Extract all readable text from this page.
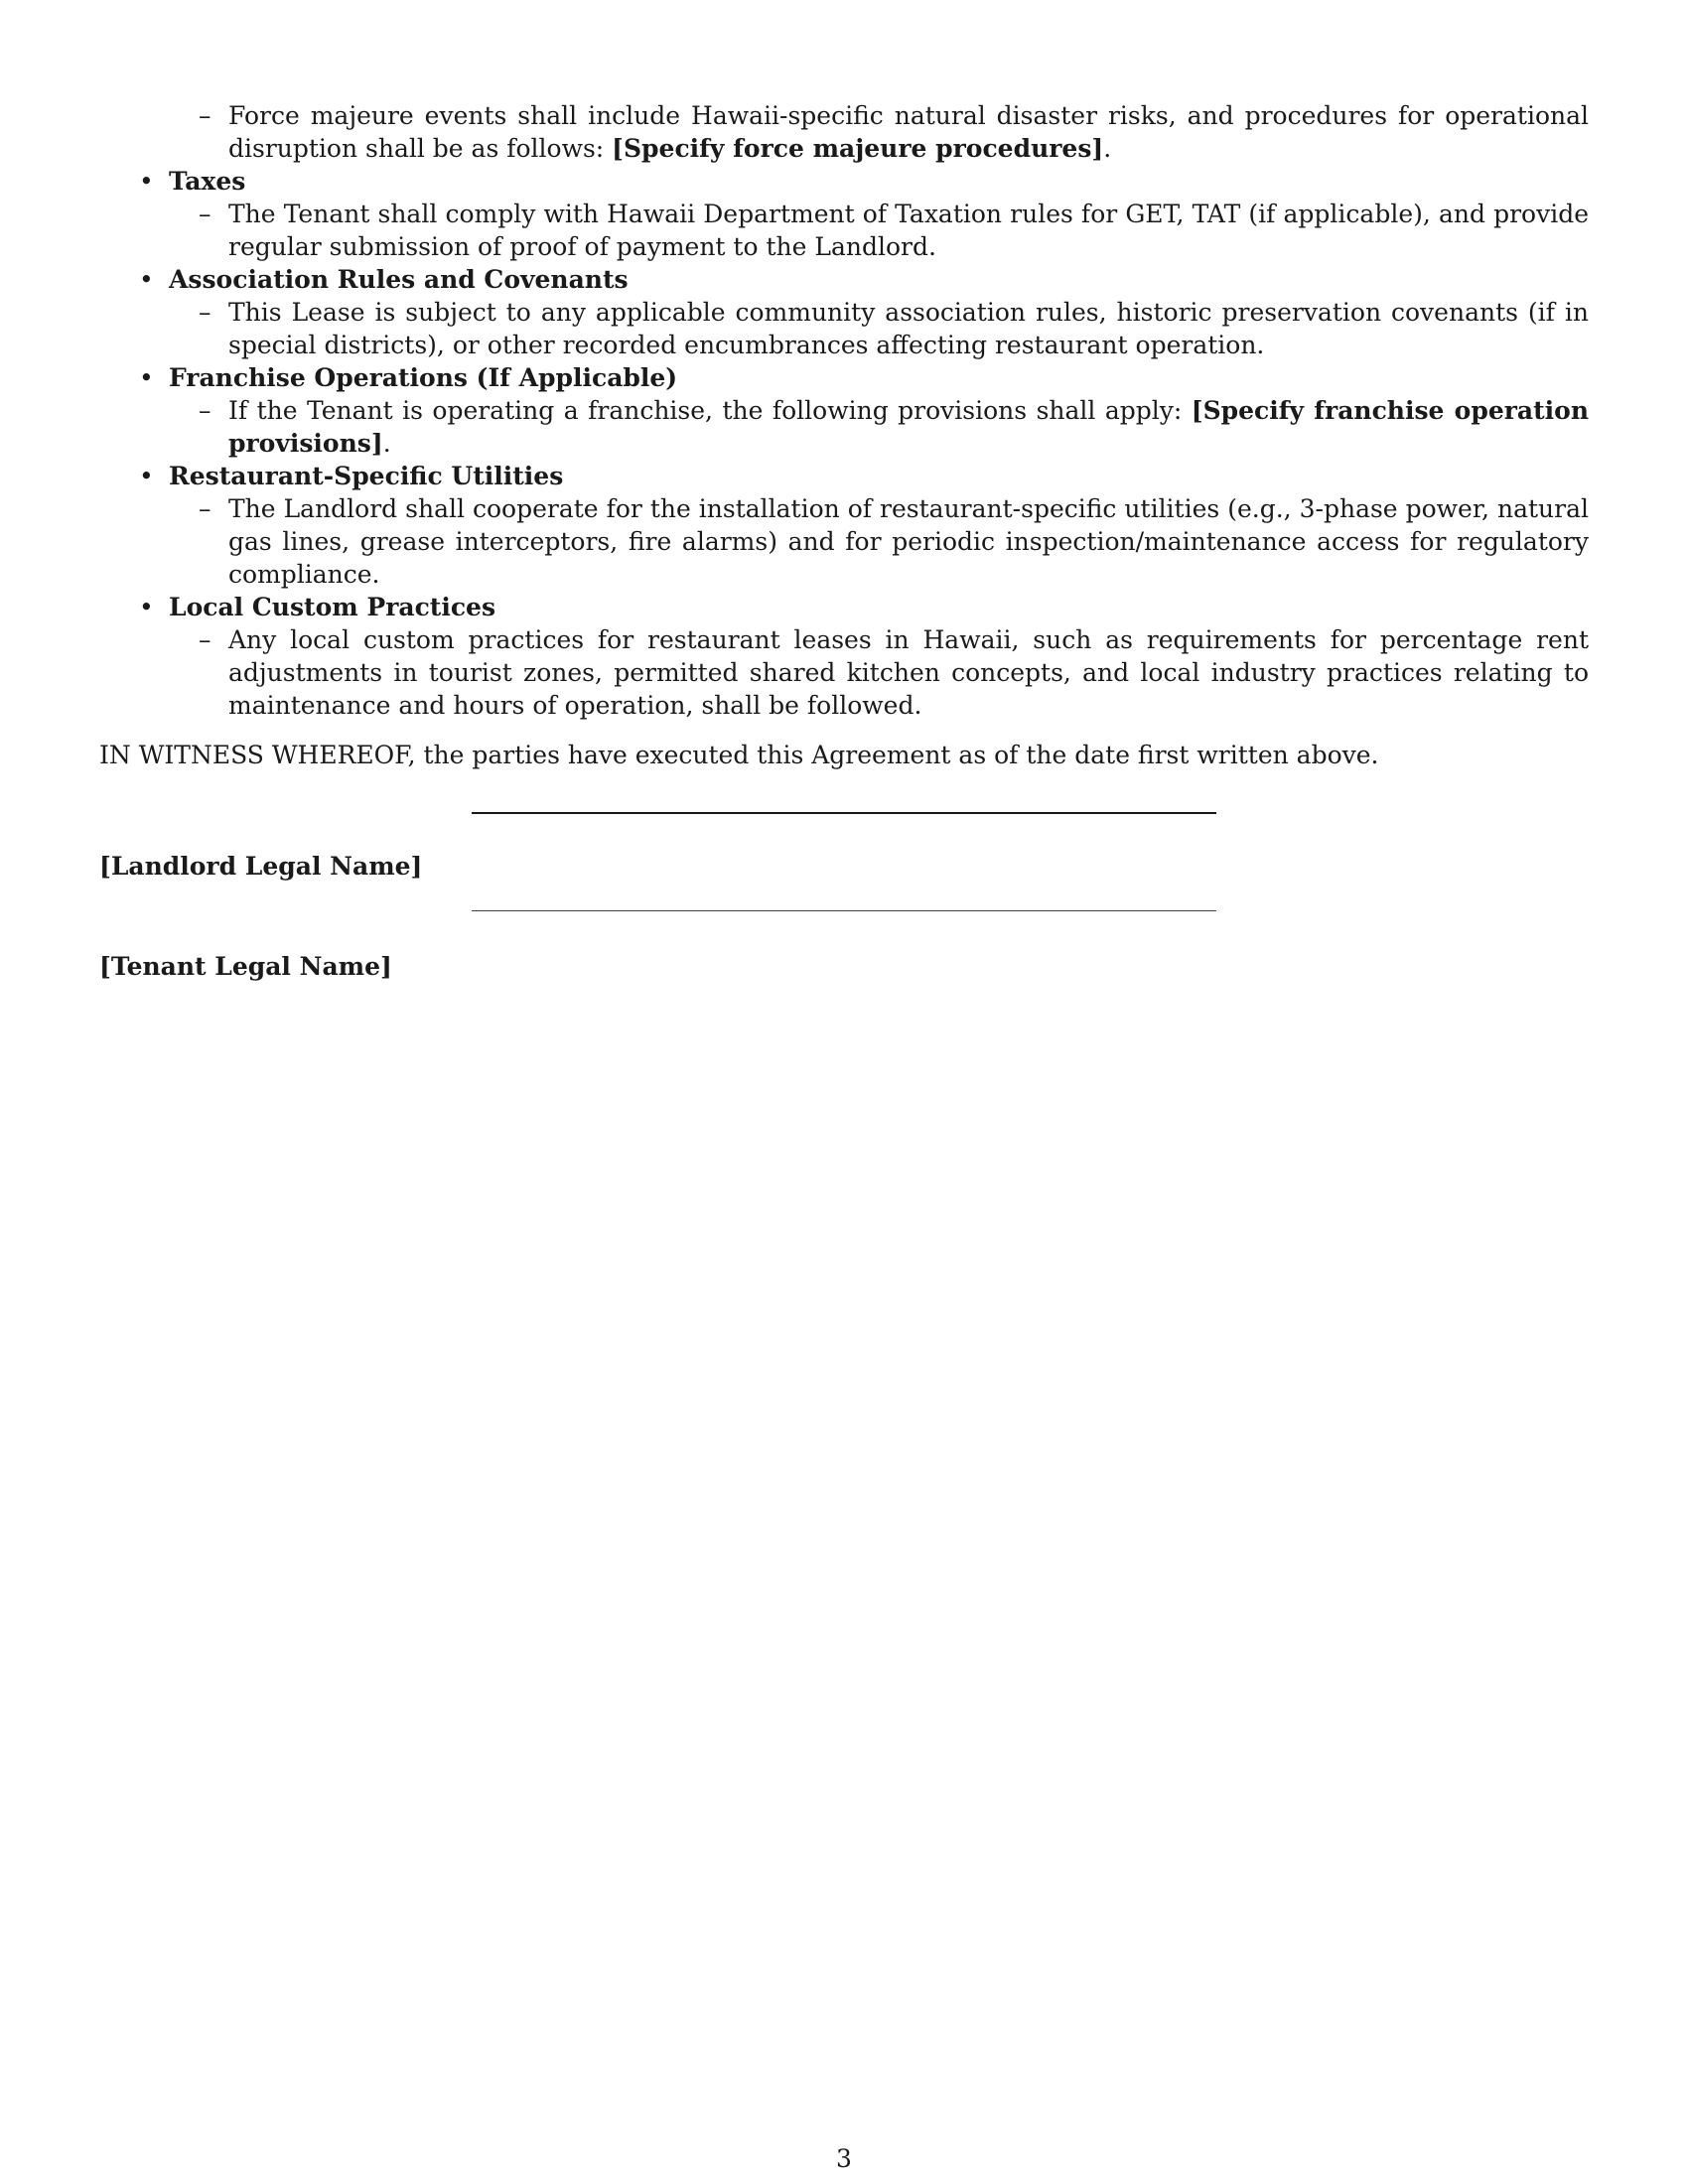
– Force majeure events shall include Hawaii-specific natural disaster risks, and procedures for operational disruption shall be as follows: [Specify force majeure procedures].
• Taxes
– The Tenant shall comply with Hawaii Department of Taxation rules for GET, TAT (if applicable), and provide regular submission of proof of payment to the Landlord.
• Association Rules and Covenants
– This Lease is subject to any applicable community association rules, historic preservation covenants (if in special districts), or other recorded encumbrances affecting restaurant operation.
• Franchise Operations (If Applicable)
– If the Tenant is operating a franchise, the following provisions shall apply: [Specify franchise operation provisions].
• Restaurant-Specific Utilities
– The Landlord shall cooperate for the installation of restaurant-specific utilities (e.g., 3-phase power, natural gas lines, grease interceptors, fire alarms) and for periodic inspection/maintenance access for regulatory compliance.
• Local Custom Practices
– Any local custom practices for restaurant leases in Hawaii, such as requirements for percentage rent adjustments in tourist zones, permitted shared kitchen concepts, and local industry practices relating to maintenance and hours of operation, shall be followed.
IN WITNESS WHEREOF, the parties have executed this Agreement as of the date first written above.
[Landlord Legal Name]
[Tenant Legal Name]
3
